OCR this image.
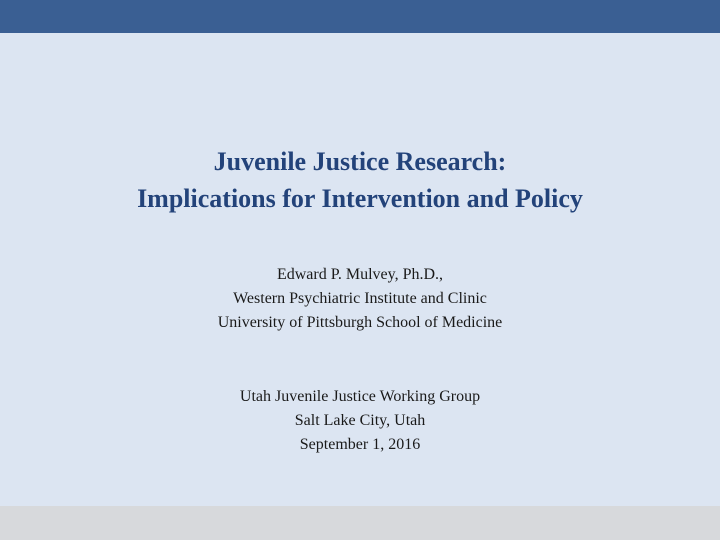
Juvenile Justice Research:
Implications for Intervention and Policy
Edward P. Mulvey, Ph.D.,
Western Psychiatric Institute and Clinic
University of Pittsburgh School of Medicine
Utah Juvenile Justice Working Group
Salt Lake City, Utah
September 1, 2016
